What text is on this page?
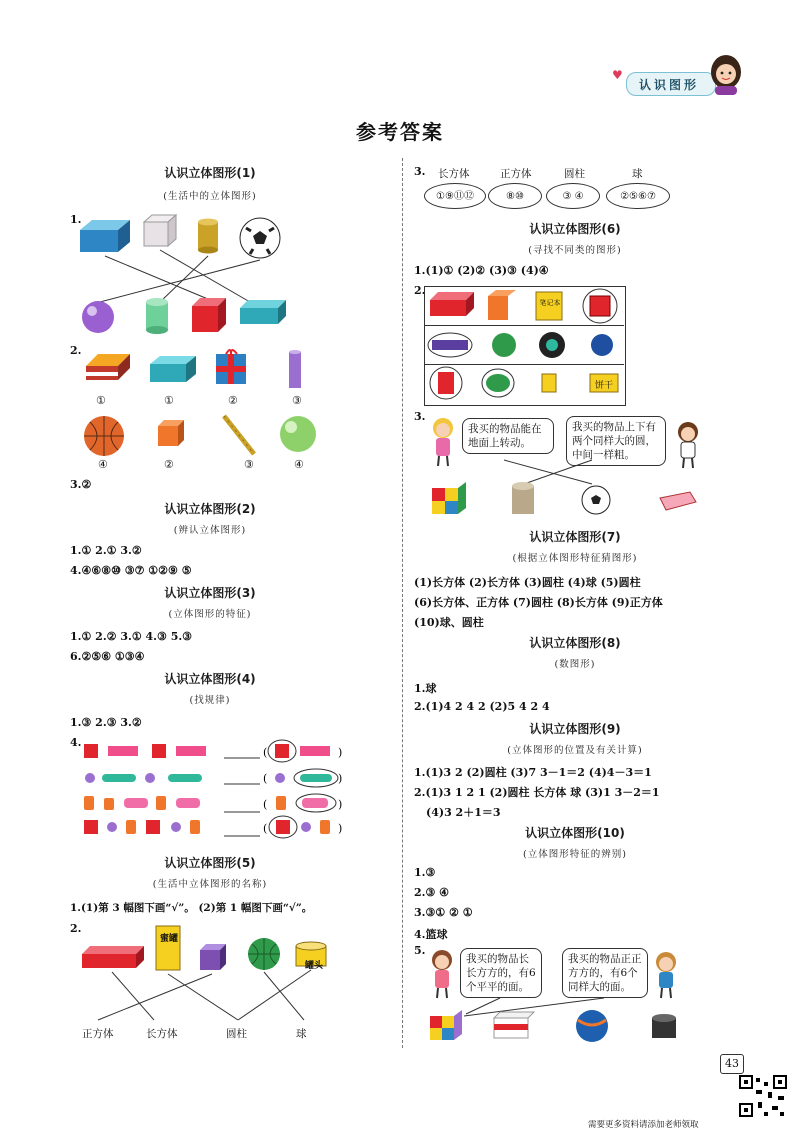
♥
认识图形
参考答案
认识立体图形(1)
(生活中的立体图形)
1.
2.
①	①	②	③
④	②	③	④
3.②
认识立体图形(2)
(辨认立体图形)
1.① 2.① 3.②
4.④⑥⑧⑩ ③⑦ ①②⑨ ⑤
认识立体图形(3)
(立体图形的特征)
1.① 2.② 3.① 4.③ 5.③
6.②⑤⑥ ①③④
认识立体图形(4)
(找规律)
1.③ 2.③ 3.②
4.
(	)
(	)
(	)
(	)
认识立体图形(5)
(生活中立体图形的名称)
1.(1)第 3 幅图下画“√”。 (2)第 1 幅图下画“√”。
2.
蜜罐
罐头
正方体	长方体	圆柱	球
3. 长方体	正方体	圆柱	球
①⑨⑪⑫	⑧⑩	③ ④	②⑤⑥⑦
认识立体图形(6)
(寻找不同类的图形)
1.(1)① (2)② (3)③ (4)④
2.
笔记本
饼干
3.
我买的物品能在地面上转动。
我买的物品上下有两个同样大的圆，中间一样粗。
认识立体图形(7)
(根据立体图形特征猜图形)
(1)长方体 (2)长方体 (3)圆柱 (4)球 (5)圆柱
(6)长方体、正方体 (7)圆柱 (8)长方体 (9)正方体
(10)球、圆柱
认识立体图形(8)
(数图形)
1.球
2.(1)4 2 4 2 (2)5 4 2 4
认识立体图形(9)
(立体图形的位置及有关计算)
1.(1)3 2 (2)圆柱 (3)7 3－1＝2 (4)4－3＝1
2.(1)3 1 2 1 (2)圆柱 长方体 球 (3)1 3－2＝1
(4)3 2＋1＝3
认识立体图形(10)
(立体图形特征的辨别)
1.③
2.③ ④
3.③① ② ①
4.篮球
5.
我买的物品长长方方的，有6个平平的面。
我买的物品正正方方的，有6个同样大的面。
43
需要更多资料请添加老师领取
